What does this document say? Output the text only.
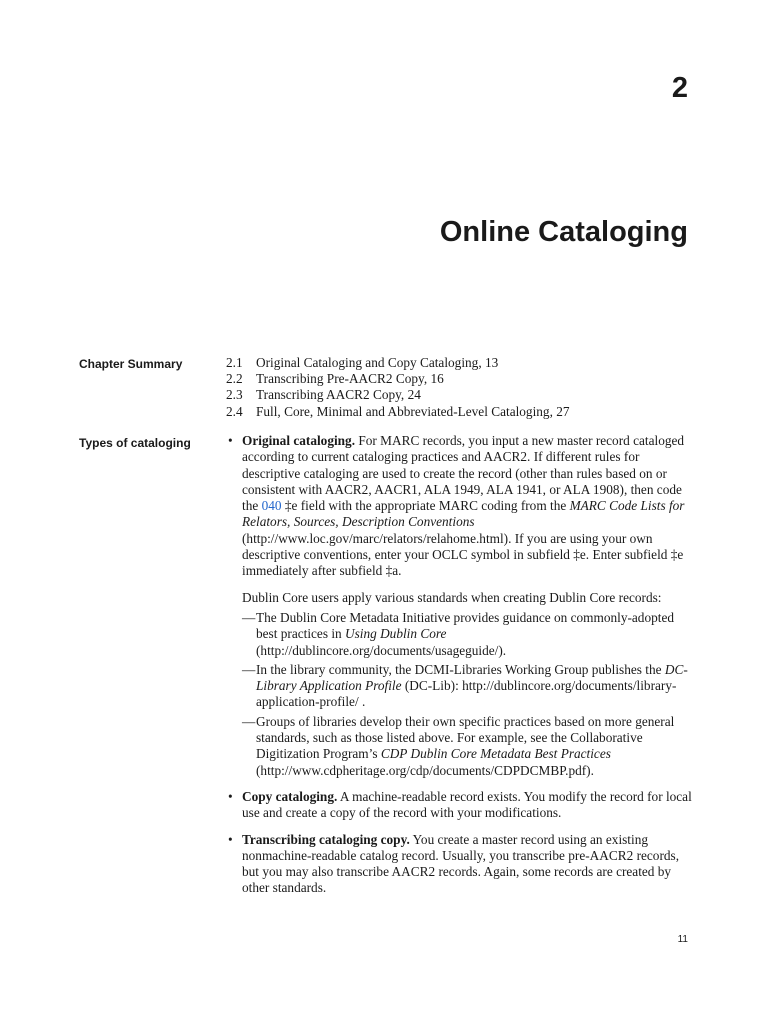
2
Online Cataloging
Chapter Summary	2.1	Original Cataloging and Copy Cataloging, 13
2.2	Transcribing Pre-AACR2 Copy, 16
2.3	Transcribing AACR2 Copy, 24
2.4	Full, Core, Minimal and Abbreviated-Level Cataloging, 27
Types of cataloging	• Original cataloging. For MARC records, you input a new master record cataloged according to current cataloging practices and AACR2. If different rules for descriptive cataloging are used to create the record (other than rules based on or consistent with AACR2, AACR1, ALA 1949, ALA 1941, or ALA 1908), then code the 040 ‡e field with the appropriate MARC coding from the MARC Code Lists for Relators, Sources, Description Conventions (http://www.loc.gov/marc/relators/relahome.html). If you are using your own descriptive conventions, enter your OCLC symbol in subfield ‡e. Enter subfield ‡e immediately after subfield ‡a.
Dublin Core users apply various standards when creating Dublin Core records:
— The Dublin Core Metadata Initiative provides guidance on commonly-adopted best practices in Using Dublin Core (http://dublincore.org/documents/usageguide/).
— In the library community, the DCMI-Libraries Working Group publishes the DC-Library Application Profile (DC-Lib): http://dublincore.org/documents/library-application-profile/ .
— Groups of libraries develop their own specific practices based on more general standards, such as those listed above. For example, see the Collaborative Digitization Program’s CDP Dublin Core Metadata Best Practices (http://www.cdpheritage.org/cdp/documents/CDPDCMBP.pdf).
• Copy cataloging. A machine-readable record exists. You modify the record for local use and create a copy of the record with your modifications.
• Transcribing cataloging copy. You create a master record using an existing nonmachine-readable catalog record. Usually, you transcribe pre-AACR2 records, but you may also transcribe AACR2 records. Again, some records are created by other standards.
11
